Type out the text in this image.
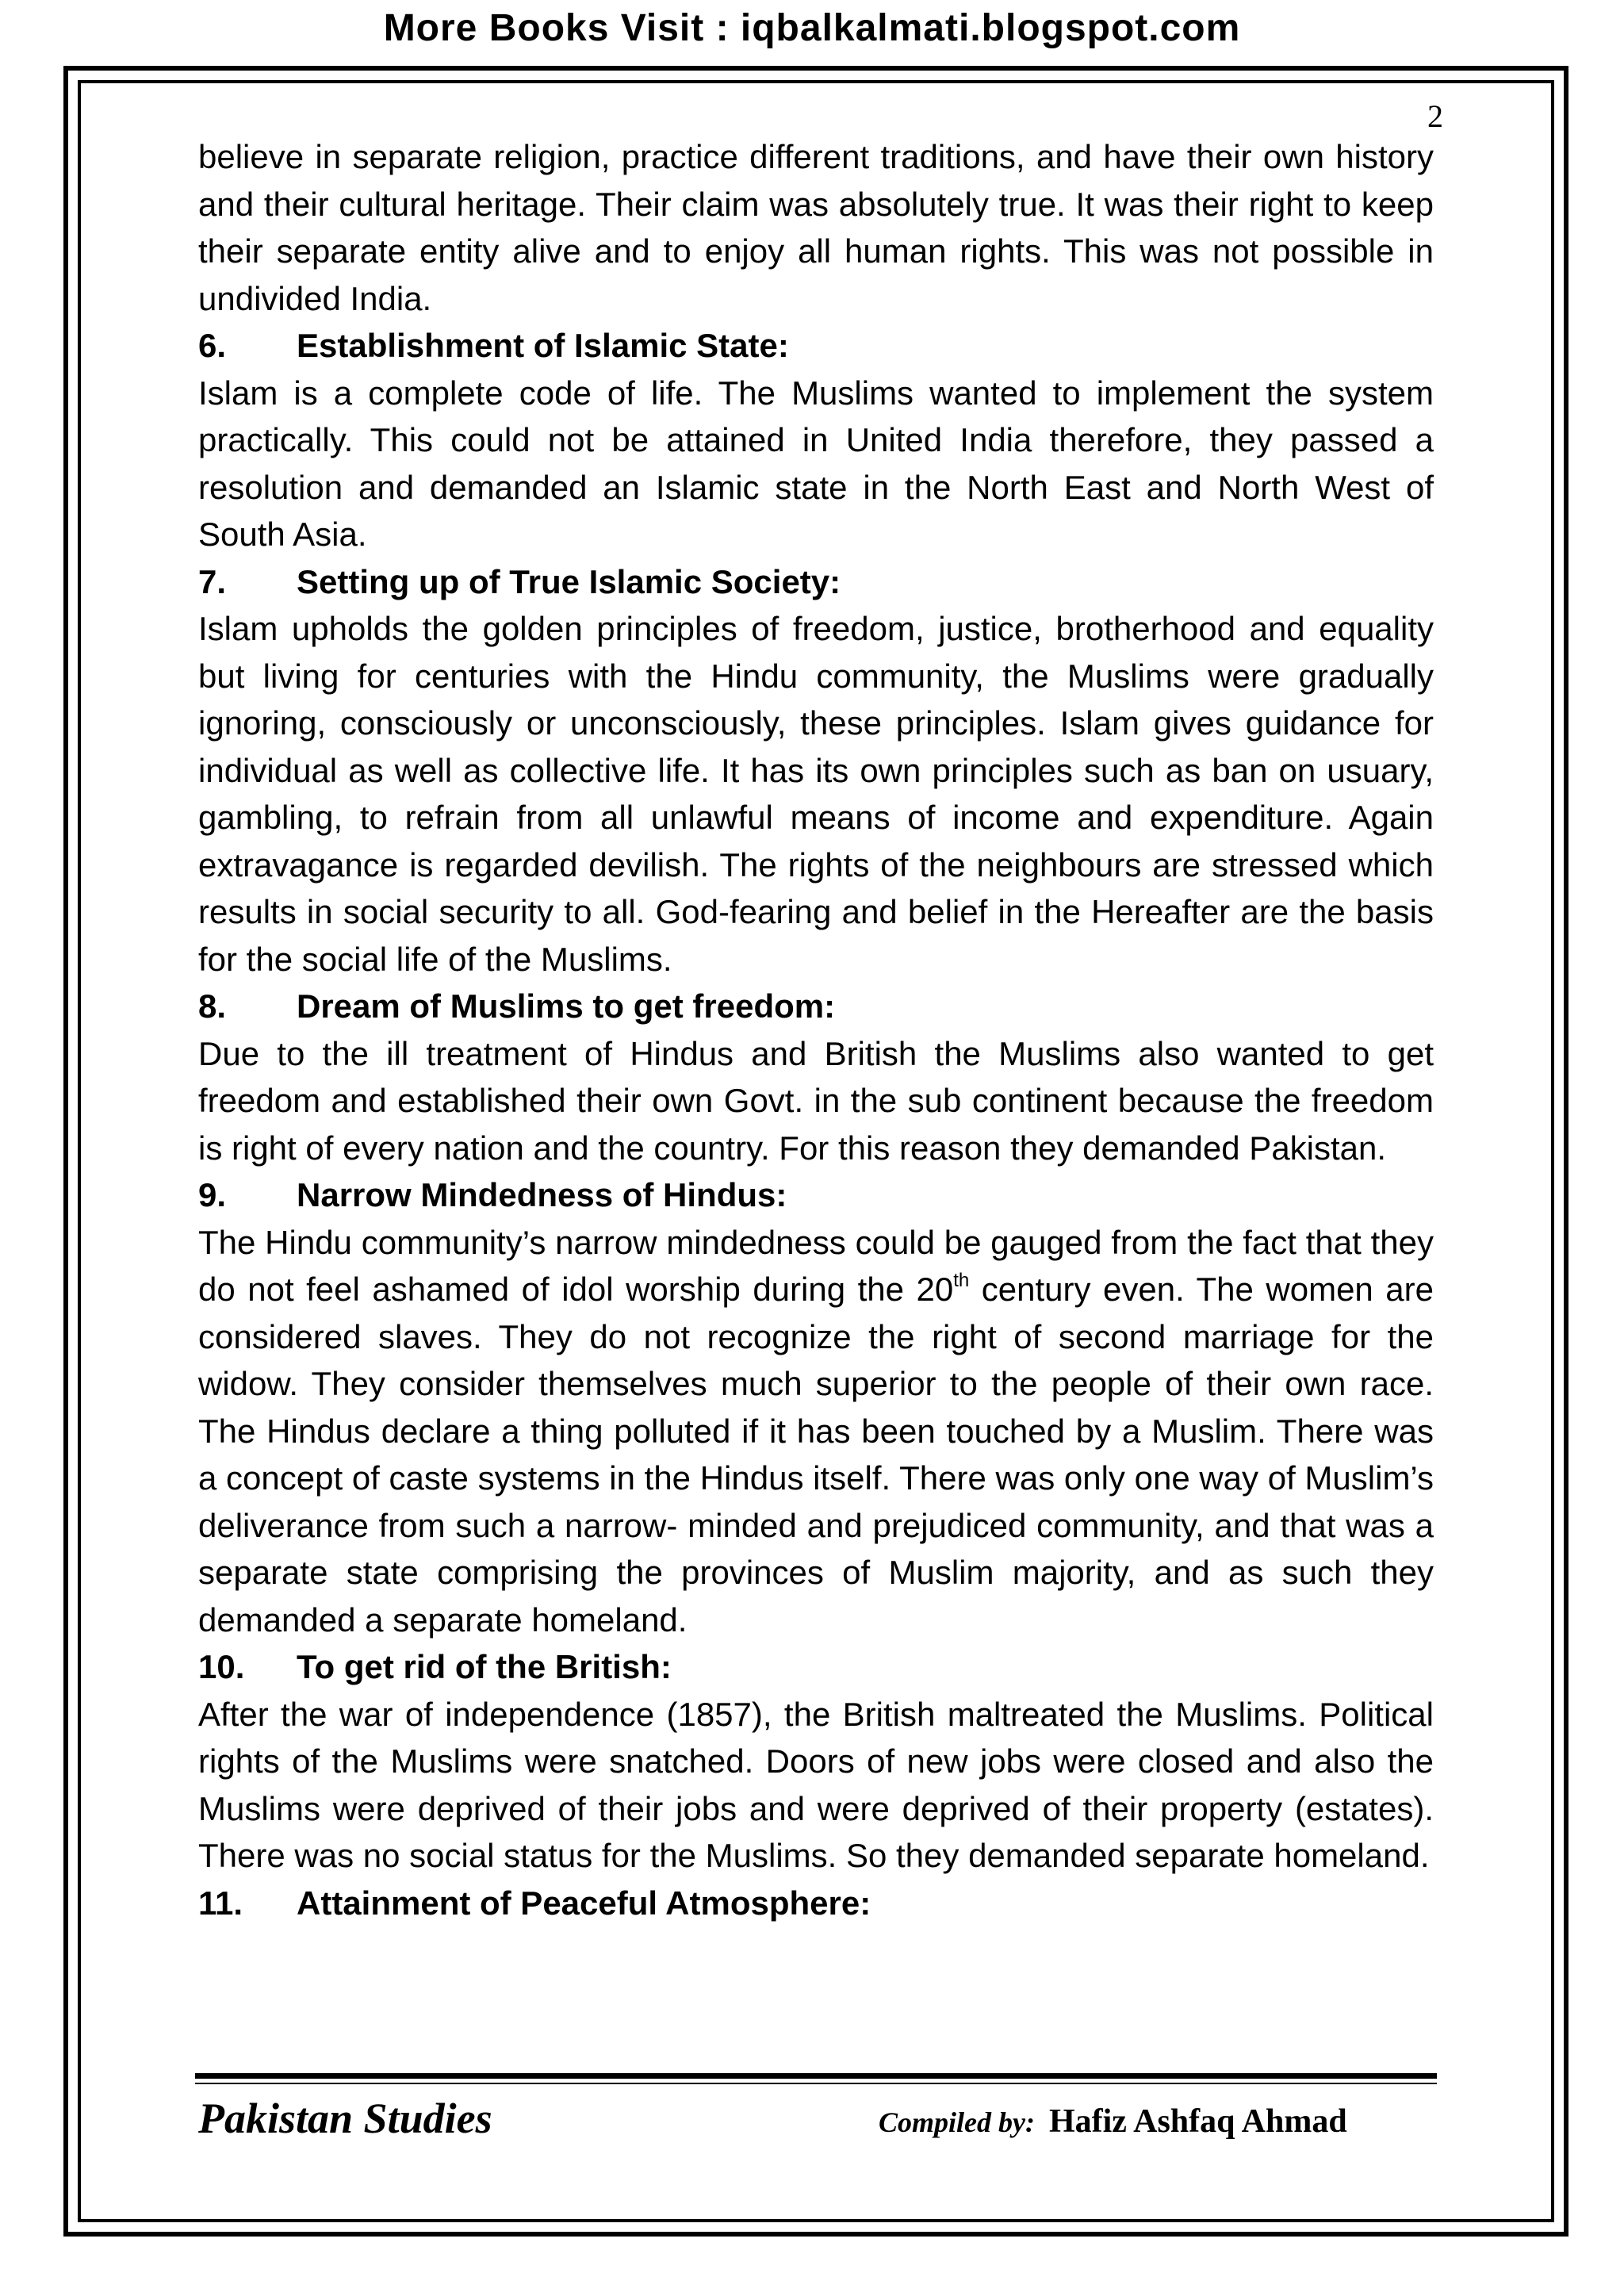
More Books Visit : iqbalkalmati.blogspot.com
2

believe in separate religion, practice different traditions, and have their own history and their cultural heritage. Their claim was absolutely true. It was their right to keep their separate entity alive and to enjoy all human rights. This was not possible in undivided India.

6.	Establishment of Islamic State:

Islam is a complete code of life. The Muslims wanted to implement the system practically. This could not be attained in United India therefore, they passed a resolution and demanded an Islamic state in the North East and North West of South Asia.

7.	Setting up of True Islamic Society:

Islam upholds the golden principles of freedom, justice, brotherhood and equality but living for centuries with the Hindu community, the Muslims were gradually ignoring, consciously or unconsciously, these principles. Islam gives guidance for individual as well as collective life. It has its own principles such as ban on usuary, gambling, to refrain from all unlawful means of income and expenditure. Again extravagance is regarded devilish. The rights of the neighbours are stressed which results in social security to all. God-fearing and belief in the Hereafter are the basis for the social life of the Muslims.

8.	Dream of Muslims to get freedom:

Due to the ill treatment of Hindus and British the Muslims also wanted to get freedom and established their own Govt. in the sub continent because the freedom is right of every nation and the country. For this reason they demanded Pakistan.

9.	Narrow Mindedness of Hindus:

The Hindu community’s narrow mindedness could be gauged from the fact that they do not feel ashamed of idol worship during the 20th century even. The women are considered slaves. They do not recognize the right of second marriage for the widow. They consider themselves much superior to the people of their own race. The Hindus declare a thing polluted if it has been touched by a Muslim. There was a concept of caste systems in the Hindus itself. There was only one way of Muslim’s deliverance from such a narrow- minded and prejudiced community, and that was a separate state comprising the provinces of Muslim majority, and as such they demanded a separate homeland.

10.	To get rid of the British:

After the war of independence (1857), the British maltreated the Muslims. Political rights of the Muslims were snatched. Doors of new jobs were closed and also the Muslims were deprived of their jobs and were deprived of their property (estates). There was no social status for the Muslims. So they demanded separate homeland.

11.	Attainment of Peaceful Atmosphere:
Pakistan Studies	Compiled by: Hafiz Ashfaq Ahmad
